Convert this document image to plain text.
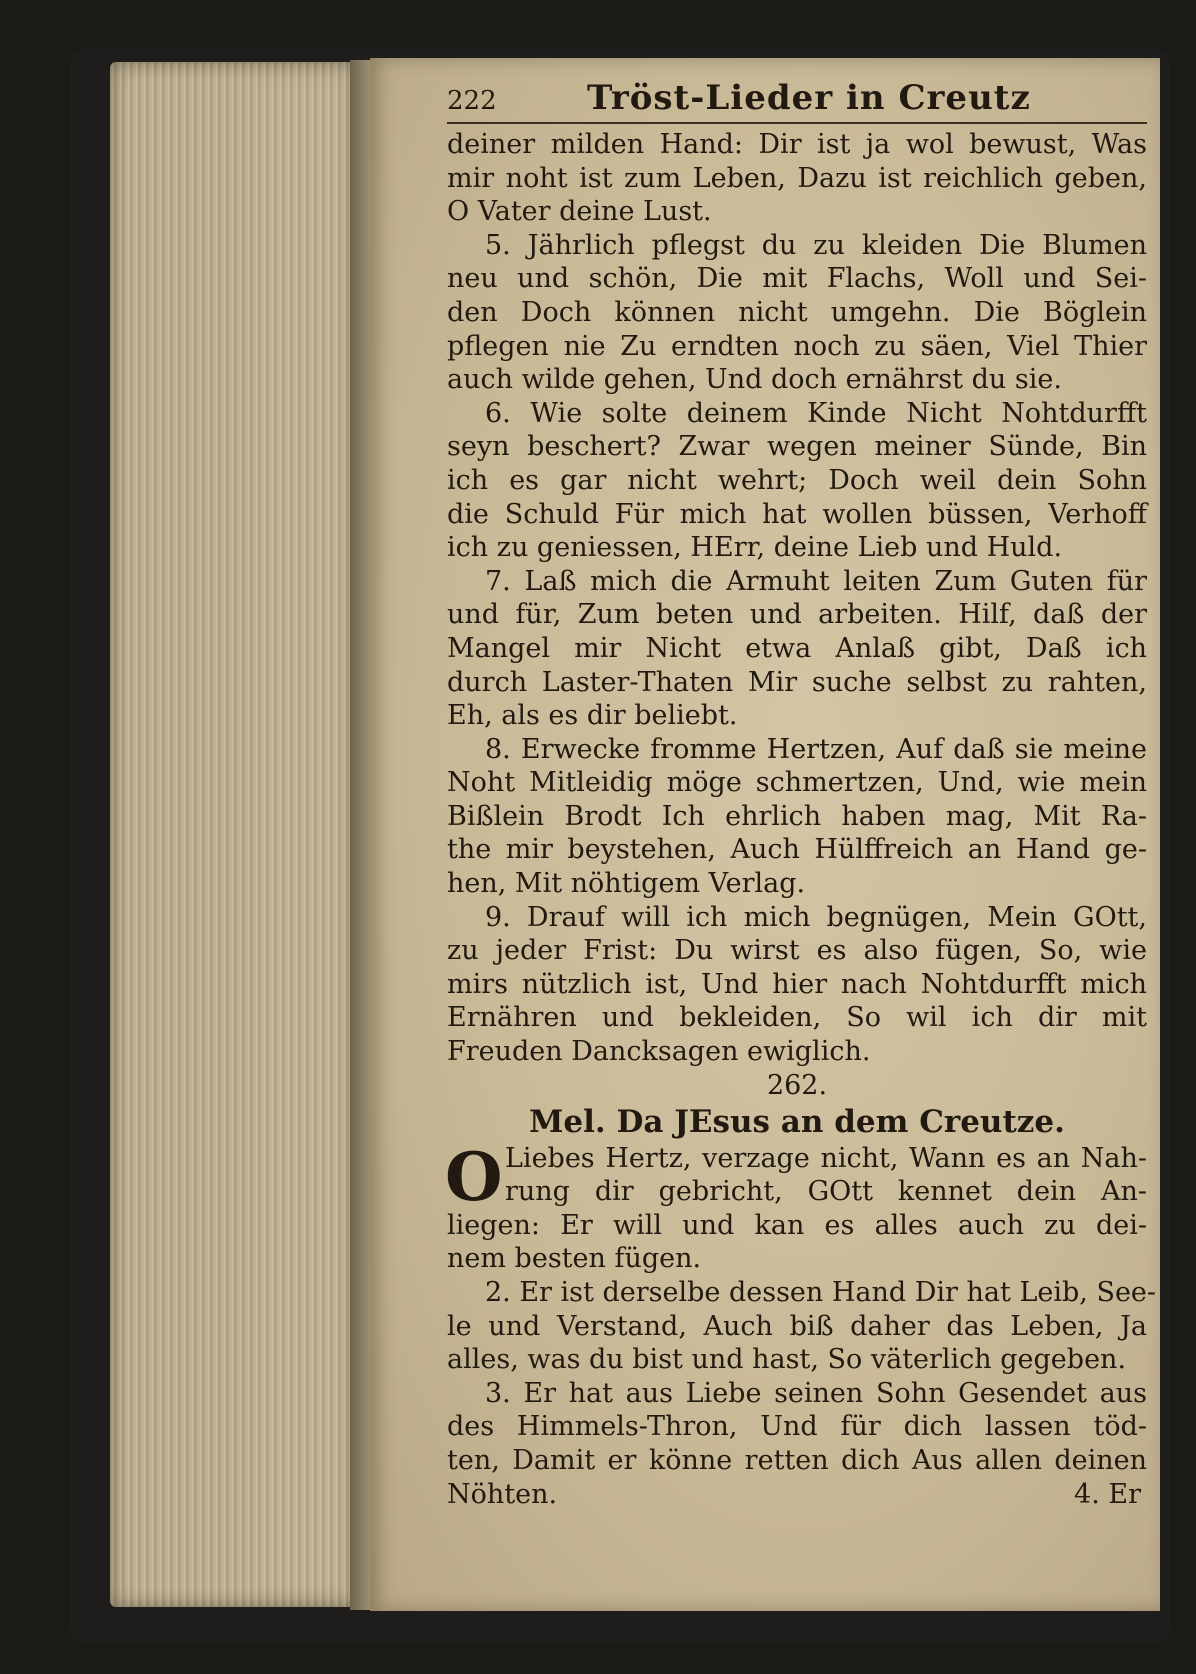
222	Tröst-Lieder in Creutz
deiner milden Hand: Dir ist ja wol bewust, Was
mir noht ist zum Leben, Dazu ist reichlich geben,
O Vater deine Lust.
5. Jährlich pflegst du zu kleiden Die Blumen
neu und schön, Die mit Flachs, Woll und Sei-
den Doch können nicht umgehn. Die Böglein
pflegen nie Zu erndten noch zu säen, Viel Thier
auch wilde gehen, Und doch ernährst du sie.
6. Wie solte deinem Kinde Nicht Nohtdurfft
seyn beschert? Zwar wegen meiner Sünde, Bin
ich es gar nicht wehrt; Doch weil dein Sohn
die Schuld Für mich hat wollen büssen, Verhoff
ich zu geniessen, HErr, deine Lieb und Huld.
7. Laß mich die Armuht leiten Zum Guten für
und für, Zum beten und arbeiten. Hilf, daß der
Mangel mir Nicht etwa Anlaß gibt, Daß ich
durch Laster-Thaten Mir suche selbst zu rahten,
Eh, als es dir beliebt.
8. Erwecke fromme Hertzen, Auf daß sie meine
Noht Mitleidig möge schmertzen, Und, wie mein
Bißlein Brodt Ich ehrlich haben mag, Mit Ra-
the mir beystehen, Auch Hülffreich an Hand ge-
hen, Mit nöhtigem Verlag.
9. Drauf will ich mich begnügen, Mein GOtt,
zu jeder Frist: Du wirst es also fügen, So, wie
mirs nützlich ist, Und hier nach Nohtdurfft mich
Ernähren und bekleiden, So wil ich dir mit
Freuden Dancksagen ewiglich.
262.
Mel. Da JEsus an dem Creutze.
O Liebes Hertz, verzage nicht, Wann es an Nah-
rung dir gebricht, GOtt kennet dein An-
liegen: Er will und kan es alles auch zu dei-
nem besten fügen.
2. Er ist derselbe dessen Hand Dir hat Leib, See-
le und Verstand, Auch biß daher das Leben, Ja
alles, was du bist und hast, So väterlich gegeben.
3. Er hat aus Liebe seinen Sohn Gesendet aus
des Himmels-Thron, Und für dich lassen töd-
ten, Damit er könne retten dich Aus allen deinen
Nöhten.	4. Er
